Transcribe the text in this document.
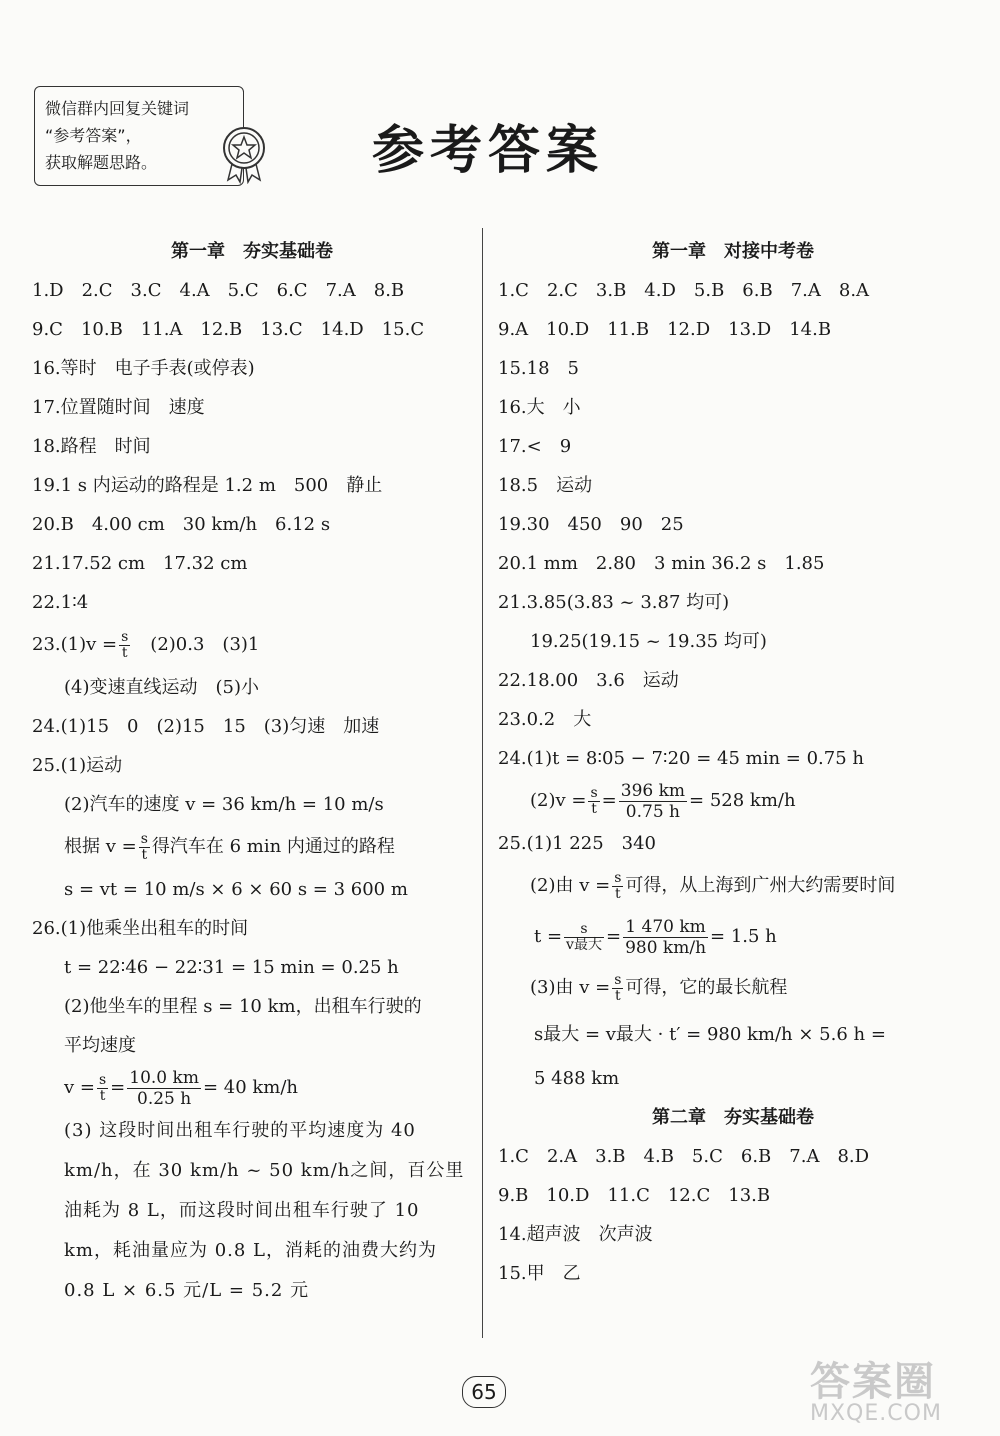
微信群内回复关键词
“参考答案”，
获取解题思路。	参考答案
第一章　夯实基础卷
1.D　2.C　3.C　4.A　5.C　6.C　7.A　8.B
9.C　10.B　11.A　12.B　13.C　14.D　15.C
16.等时　电子手表(或停表)
17.位置随时间　速度
18.路程　时间
19.1 s 内运动的路程是 1.2 m　500　静止
20.B　4.00 cm　30 km/h　6.12 s
21.17.52 cm　17.32 cm
22.1∶4
$23.(1)v = \frac{s}{t}$ 　(2)0.3　(3)1
(4)变速直线运动　(5)小
24.(1)15　0　(2)15　15　(3)匀速　加速
25.(1)运动
(2)汽车的速度 v = 36 km/h = 10 m/s
根据 $v = \frac{s}{t}$ 得汽车在 6 min 内通过的路程
s = vt = 10 m/s × 6 × 60 s = 3 600 m
26.(1)他乘坐出租车的时间
t = 22∶46 − 22∶31 = 15 min = 0.25 h
(2)他坐车的里程 s = 10 km，出租车行驶的
平均速度
$v = \frac{s}{t} = \frac{10.0 km}{0.25 h} = 40$ km/h
(3) 这段时间出租车行驶的平均速度为 40 km/h，在 30 km/h ~ 50 km/h之间，百公里油耗为 8 L，而这段时间出租车行驶了 10 km，耗油量应为 0.8 L，消耗的油费大约为 0.8 L × 6.5 元/L = 5.2 元
第一章　对接中考卷
1.C　2.C　3.B　4.D　5.B　6.B　7.A　8.A
9.A　10.D　11.B　12.D　13.D　14.B
15.18　5
16.大　小
17.<　9
18.5　运动
19.30　450　90　25
20.1 mm　2.80　3 min 36.2 s　1.85
21.3.85(3.83 ~ 3.87 均可)
19.25(19.15 ~ 19.35 均可)
22.18.00　3.6　运动
23.0.2　大
24.(1)t = 8∶05 − 7∶20 = 45 min = 0.75 h
$(2)v = \frac{s}{t} = \frac{396 km}{0.75 h} = 528$ km/h
25.(1)1 225　340
(2)由 $v = \frac{s}{t}$ 可得，从上海到广州大约需要时间
$t = \frac{s}{\text{v最大}} = \frac{1 470 km}{980 km/h} = 1.5$ h
(3)由 $v = \frac{s}{t}$ 可得，它的最长航程
s最大 = v最大 · t′ = 980 km/h × 5.6 h =
5 488 km
第二章　夯实基础卷
1.C　2.A　3.B　4.B　5.C　6.B　7.A　8.D
9.B　10.D　11.C　12.C　13.B
14.超声波　次声波
15.甲　乙
65	答案圈
MXQE.COM
